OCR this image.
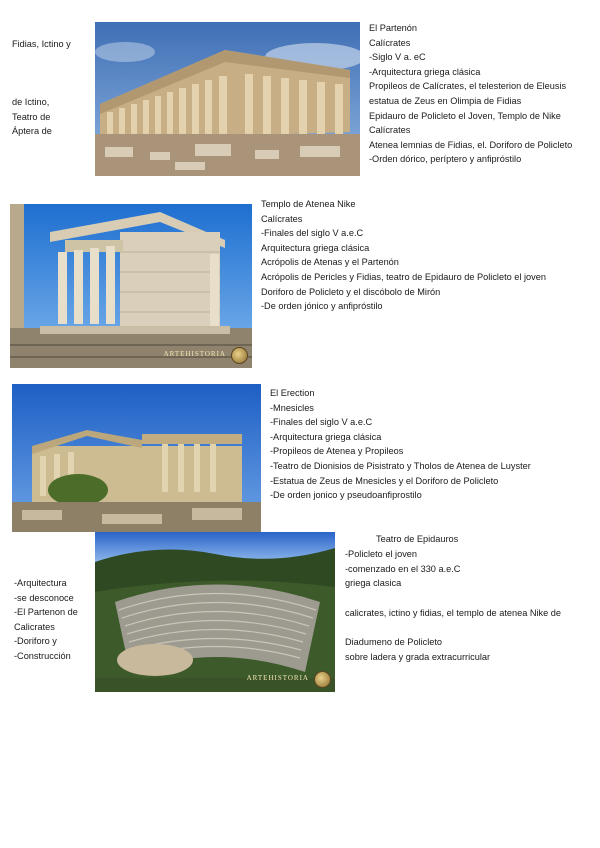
Fidias, Ictino y
de Ictino,
Teatro de
Áptera de
El Partenón
Calícrates
-Siglo V a. eC
-Arquitectura griega clásica
Propileos de Calícrates, el telesterion de Eleusis
estatua de Zeus en Olimpia de Fidias
Epidauro de Policleto el Joven, Templo de Nike
Calícrates
Atenea lemnias de Fidias, el. Doriforo de Policleto
-Orden dórico, períptero y anfipróstilo
ARTEHISTORIA
Templo de Atenea Nike
Calícrates
-Finales del siglo V a.e.C
Arquitectura griega clásica
Acrópolis de Atenas y el Partenón
Acrópolis de Pericles y Fidias, teatro de Epidauro de Policleto el joven
Doriforo de Policleto y el discóbolo de Mirón
-De orden jónico y anfipróstilo
El Erection
-Mnesicles
-Finales del siglo V a.e.C
-Arquitectura griega clásica
-Propileos de Atenea y Propileos
-Teatro de Dionisios de Pisistrato y Tholos de Atenea de Luyster
-Estatua de Zeus de Mnesicles y el Doriforo de Policleto
-De orden jonico y pseudoanfiprostilo
ARTEHISTORIA
Teatro de Epidauros
-Policleto el joven
-comenzado en el 330 a.e.C
griega clasica
calicrates, ictino y fidias, el templo de atenea Nike de
Diadumeno de Policleto
sobre ladera y grada extracurricular
-Arquitectura
-se desconoce
-El Partenon de
Calicrates
-Doriforo y
-Construcción
